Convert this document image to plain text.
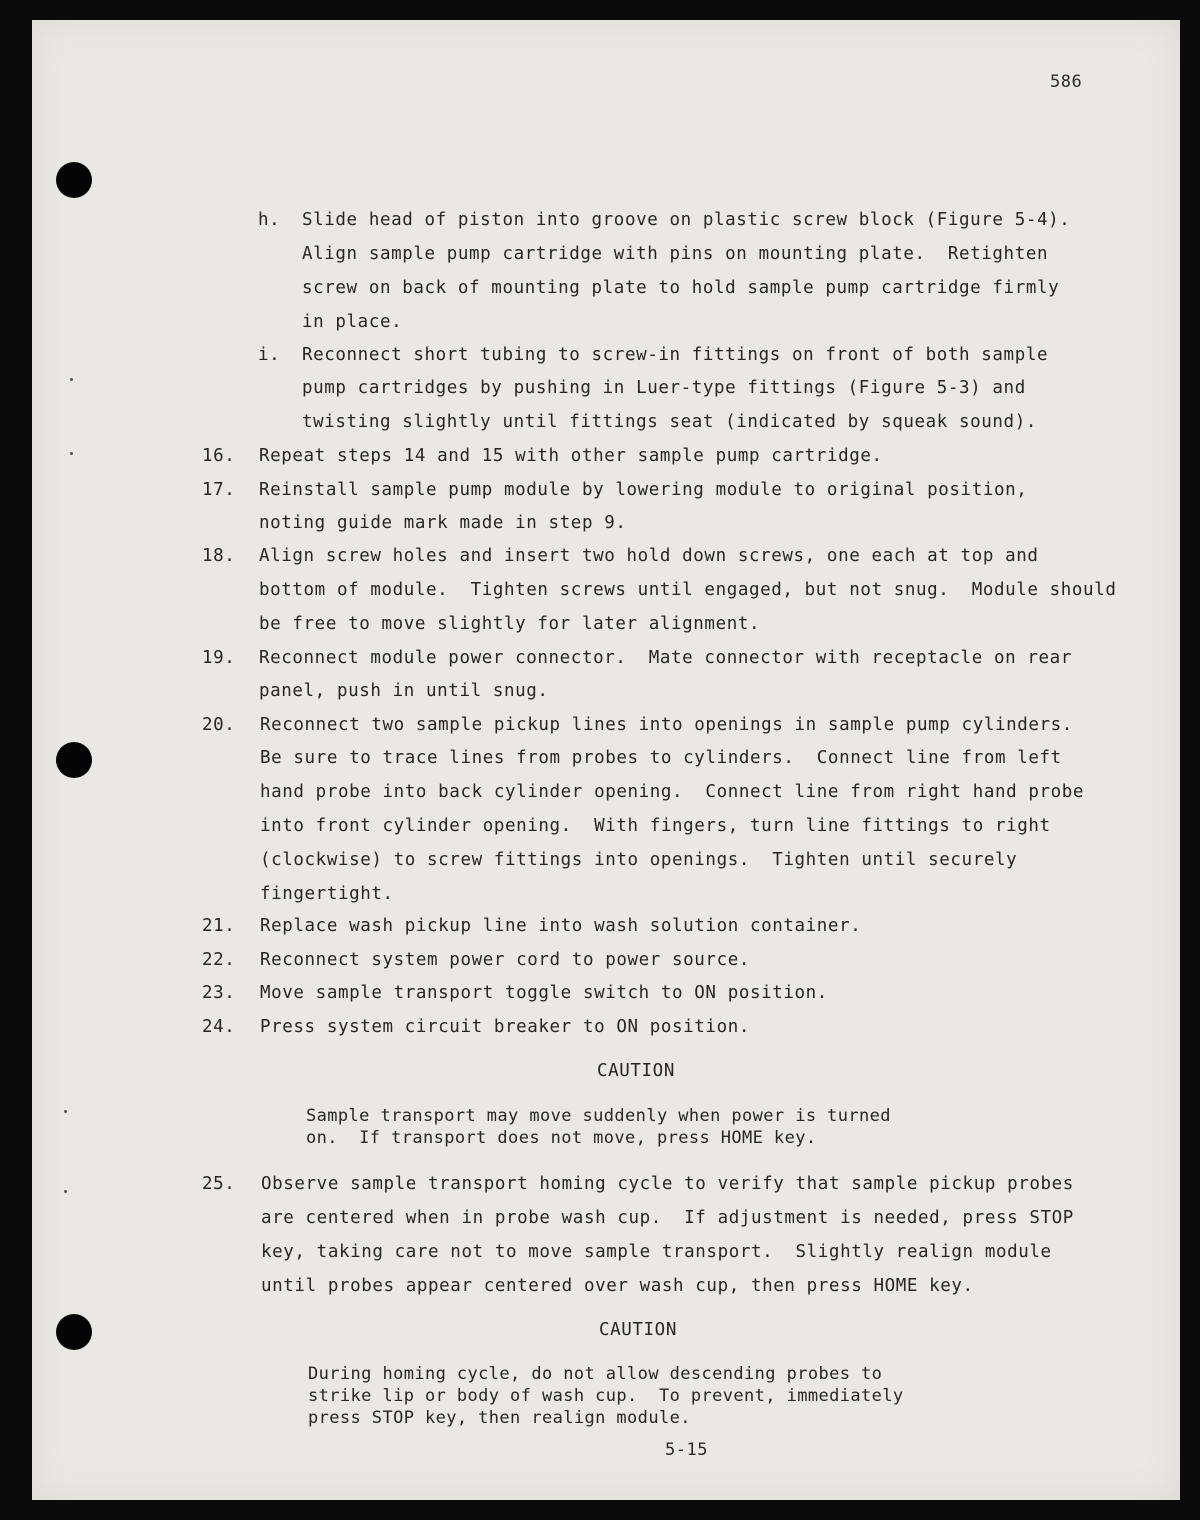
586
h. Slide head of piston into groove on plastic screw block (Figure 5-4).
Align sample pump cartridge with pins on mounting plate.  Retighten
screw on back of mounting plate to hold sample pump cartridge firmly
in place.
i. Reconnect short tubing to screw-in fittings on front of both sample
pump cartridges by pushing in Luer-type fittings (Figure 5-3) and
twisting slightly until fittings seat (indicated by squeak sound).
16. Repeat steps 14 and 15 with other sample pump cartridge.
17. Reinstall sample pump module by lowering module to original position,
noting guide mark made in step 9.
18. Align screw holes and insert two hold down screws, one each at top and
bottom of module.  Tighten screws until engaged, but not snug.  Module should
be free to move slightly for later alignment.
19. Reconnect module power connector.  Mate connector with receptacle on rear
panel, push in until snug.
20. Reconnect two sample pickup lines into openings in sample pump cylinders.
Be sure to trace lines from probes to cylinders.  Connect line from left
hand probe into back cylinder opening.  Connect line from right hand probe
into front cylinder opening.  With fingers, turn line fittings to right
(clockwise) to screw fittings into openings.  Tighten until securely
fingertight.
21. Replace wash pickup line into wash solution container.
22. Reconnect system power cord to power source.
23. Move sample transport toggle switch to ON position.
24. Press system circuit breaker to ON position.
CAUTION
Sample transport may move suddenly when power is turned
on.  If transport does not move, press HOME key.
25. Observe sample transport homing cycle to verify that sample pickup probes
are centered when in probe wash cup.  If adjustment is needed, press STOP
key, taking care not to move sample transport.  Slightly realign module
until probes appear centered over wash cup, then press HOME key.
CAUTION
During homing cycle, do not allow descending probes to
strike lip or body of wash cup.  To prevent, immediately
press STOP key, then realign module.
5-15
